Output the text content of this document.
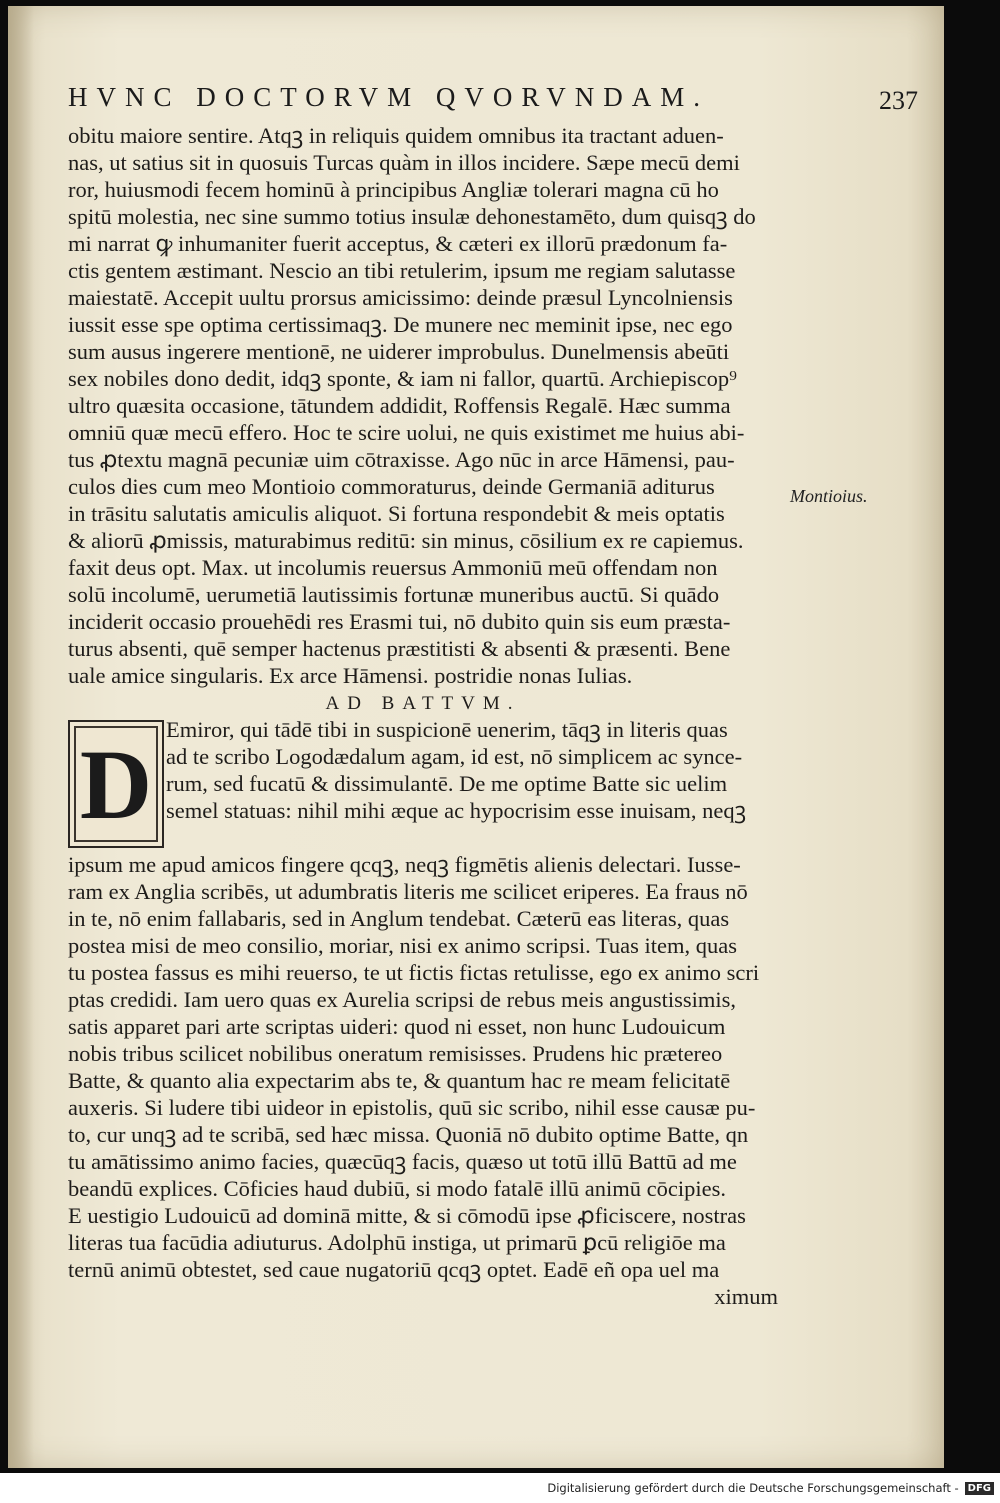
HVNC DOCTORVM QVORVNDAM.	237
Montioius.
obitu maiore sentire. Atqꝫ in reliquis quidem omnibus ita tractant aduen-
nas, ut satius sit in quosuis Turcas quàm in illos incidere. Sæpe mecū demi
ror, huiusmodi fecem hominū à principibus Angliæ tolerari magna cū ho
spitū molestia, nec sine summo totius insulæ dehonestamēto, dum quisqꝫ do
mi narrat ꝙ inhumaniter fuerit acceptus, & cæteri ex illorū prædonum fa-
ctis gentem æstimant. Nescio an tibi retulerim, ipsum me regiam salutasse
maiestatē. Accepit uultu prorsus amicissimo: deinde præsul Lyncolniensis
iussit esse spe optima certissimaqꝫ. De munere nec meminit ipse, nec ego
sum ausus ingerere mentionē, ne uiderer improbulus. Dunelmensis abeūti
sex nobiles dono dedit, idqꝫ sponte, & iam ni fallor, quartū. Archiepiscop⁹
ultro quæsita occasione, tātundem addidit, Roffensis Regalē. Hæc summa
omniū quæ mecū effero. Hoc te scire uolui, ne quis existimet me huius abi-
tus ꝓtextu magnā pecuniæ uim cōtraxisse. Ago nūc in arce Hāmensi, pau-
culos dies cum meo Montioio commoraturus, deinde Germaniā aditurus
in trāsitu salutatis amiculis aliquot. Si fortuna respondebit & meis optatis
& aliorū ꝓmissis, maturabimus reditū: sin minus, cōsilium ex re capiemus.
faxit deus opt. Max. ut incolumis reuersus Ammoniū meū offendam non
solū incolumē, uerumetiā lautissimis fortunæ muneribus auctū. Si quādo
inciderit occasio prouehēdi res Erasmi tui, nō dubito quin sis eum præsta-
turus absenti, quē semper hactenus præstitisti & absenti & præsenti. Bene
uale amice singularis. Ex arce Hāmensi. postridie nonas Iulias.
AD BATTVM.
D Emiror, qui tādē tibi in suspicionē uenerim, tāqꝫ in literis quas
ad te scribo Logodædalum agam, id est, nō simplicem ac synce-
rum, sed fucatū & dissimulantē. De me optime Batte sic uelim
semel statuas: nihil mihi æque ac hypocrisim esse inuisam, neqꝫ
ipsum me apud amicos fingere qcqꝫ, neqꝫ figmētis alienis delectari. Iusse-
ram ex Anglia scribēs, ut adumbratis literis me scilicet eriperes. Ea fraus nō
in te, nō enim fallabaris, sed in Anglum tendebat. Cæterū eas literas, quas
postea misi de meo consilio, moriar, nisi ex animo scripsi. Tuas item, quas
tu postea fassus es mihi reuerso, te ut fictis fictas retulisse, ego ex animo scri
ptas credidi. Iam uero quas ex Aurelia scripsi de rebus meis angustissimis,
satis apparet pari arte scriptas uideri: quod ni esset, non hunc Ludouicum
nobis tribus scilicet nobilibus oneratum remisisses. Prudens hic prætereo
Batte, & quanto alia expectarim abs te, & quantum hac re meam felicitatē
auxeris. Si ludere tibi uideor in epistolis, quū sic scribo, nihil esse causæ pu-
to, cur unqꝫ ad te scribā, sed hæc missa. Quoniā nō dubito optime Batte, qn
tu amātissimo animo facies, quæcūqꝫ facis, quæso ut totū illū Battū ad me
beandū explices. Cōficies haud dubiū, si modo fatalē illū animū cōcipies.
E uestigio Ludouicū ad dominā mitte, & si cōmodū ipse ꝓficiscere, nostras
literas tua facūdia adiuturus. Adolphū instiga, ut primarū ꝑcū religiōe ma
ternū animū obtestet, sed caue nugatoriū qcqꝫ optet. Eadē eñ opa uel ma
ximum
Digitalisierung gefördert durch die Deutsche Forschungsgemeinschaft - DFG
